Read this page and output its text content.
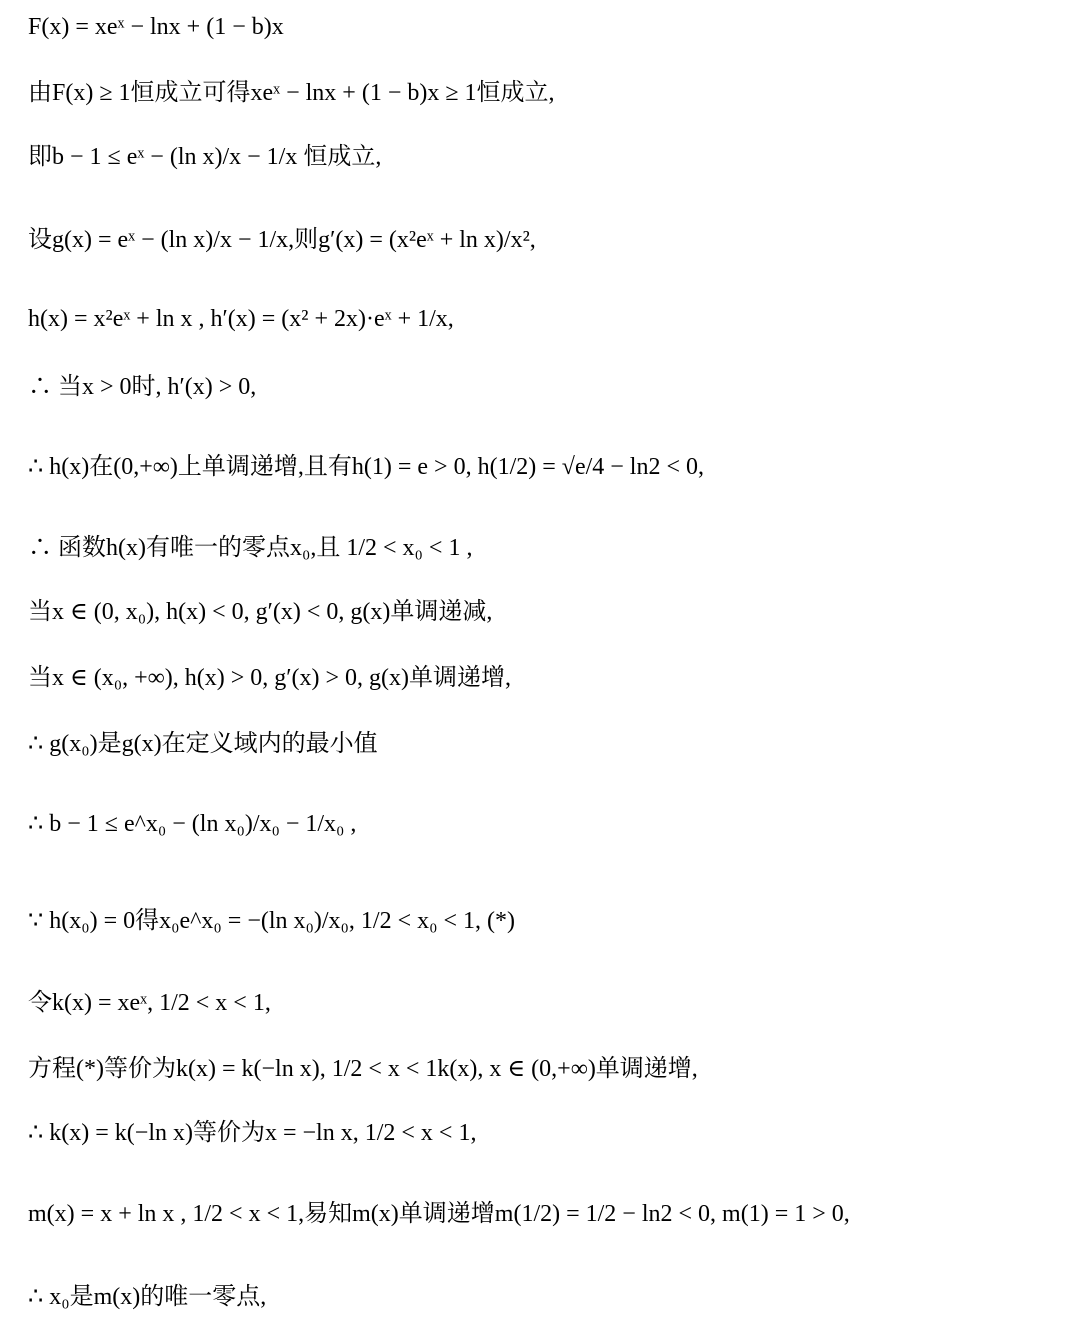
F(x) = xeˣ − lnx + (1 − b)x
由F(x) ≥ 1恒成立可得xeˣ − lnx + (1 − b)x ≥ 1恒成立,
即b − 1 ≤ eˣ − (ln x)/x − 1/x 恒成立,
设g(x) = eˣ − (ln x)/x − 1/x,则g′(x) = (x²eˣ + ln x)/x²,
h(x) = x²eˣ + ln x , h′(x) = (x² + 2x)·eˣ + 1/x,
∴ 当x > 0时, h′(x) > 0,
∴ h(x)在(0,+∞)上单调递增,且有h(1) = e > 0, h(1/2) = √e/4 − ln2 < 0,
∴ 函数h(x)有唯一的零点x₀,且 1/2 < x₀ < 1 ,
当x ∈ (0, x₀), h(x) < 0, g′(x) < 0, g(x)单调递减,
当x ∈ (x₀, +∞), h(x) > 0, g′(x) > 0, g(x)单调递增,
∴ g(x₀)是g(x)在定义域内的最小值
∴ b − 1 ≤ e^x₀ − (ln x₀)/x₀ − 1/x₀ ,
∵ h(x₀) = 0得x₀e^x₀ = −(ln x₀)/x₀, 1/2 < x₀ < 1, (*)
令k(x) = xeˣ, 1/2 < x < 1,
方程(*)等价为k(x) = k(−ln x), 1/2 < x < 1k(x), x ∈ (0,+∞)单调递增,
∴ k(x) = k(−ln x)等价为x = −ln x, 1/2 < x < 1,
m(x) = x + ln x , 1/2 < x < 1,易知m(x)单调递增m(1/2) = 1/2 − ln2 < 0, m(1) = 1 > 0,
∴ x₀是m(x)的唯一零点,
